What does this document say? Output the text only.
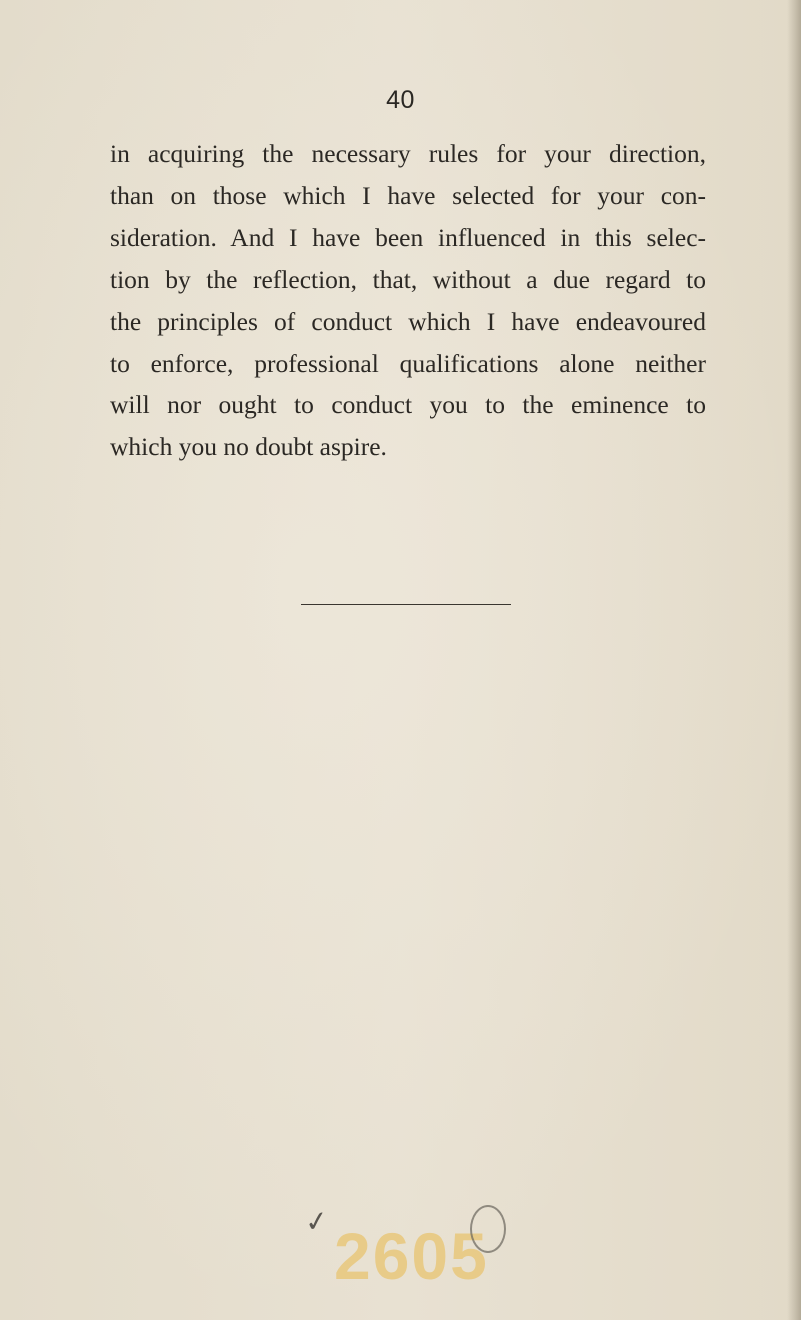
40
in acquiring the necessary rules for your direction,
than on those which I have selected for your con-
sideration. And I have been influenced in this selec-
tion by the reflection, that, without a due regard to
the principles of conduct which I have endeavoured
to enforce, professional qualifications alone neither
will nor ought to conduct you to the eminence to
which you no doubt aspire.
✓ 2605
